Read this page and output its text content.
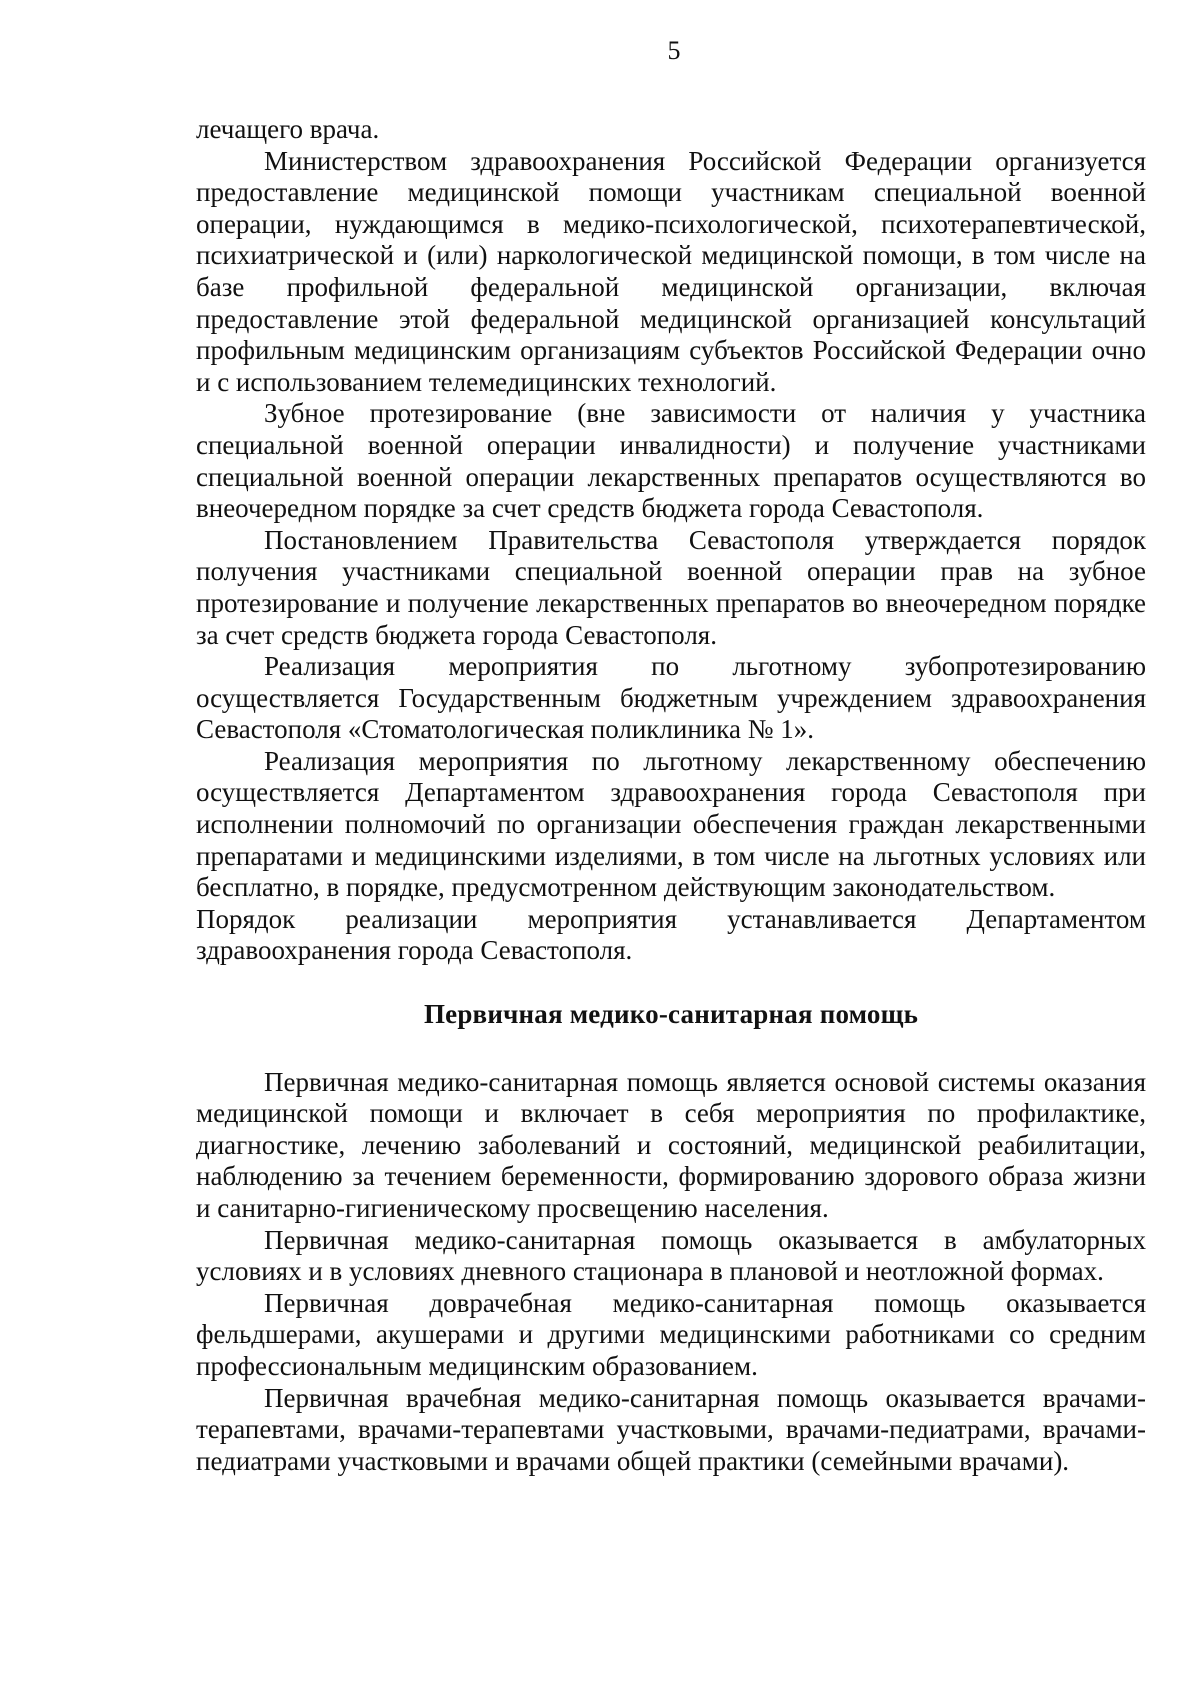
5

лечащего врача.

Министерством здравоохранения Российской Федерации организуется предоставление медицинской помощи участникам специальной военной операции, нуждающимся в медико-психологической, психотерапевтической, психиатрической и (или) наркологической медицинской помощи, в том числе на базе профильной федеральной медицинской организации, включая предоставление этой федеральной медицинской организацией консультаций профильным медицинским организациям субъектов Российской Федерации очно и с использованием телемедицинских технологий.

Зубное протезирование (вне зависимости от наличия у участника специальной военной операции инвалидности) и получение участниками специальной военной операции лекарственных препаратов осуществляются во внеочередном порядке за счет средств бюджета города Севастополя.

Постановлением Правительства Севастополя утверждается порядок получения участниками специальной военной операции прав на зубное протезирование и получение лекарственных препаратов во внеочередном порядке за счет средств бюджета города Севастополя.

Реализация мероприятия по льготному зубопротезированию осуществляется Государственным бюджетным учреждением здравоохранения Севастополя «Стоматологическая поликлиника № 1».

Реализация мероприятия по льготному лекарственному обеспечению осуществляется Департаментом здравоохранения города Севастополя при исполнении полномочий по организации обеспечения граждан лекарственными препаратами и медицинскими изделиями, в том числе на льготных условиях или бесплатно, в порядке, предусмотренном действующим законодательством.

Порядок реализации мероприятия устанавливается Департаментом здравоохранения города Севастополя.

Первичная медико-санитарная помощь

Первичная медико-санитарная помощь является основой системы оказания медицинской помощи и включает в себя мероприятия по профилактике, диагностике, лечению заболеваний и состояний, медицинской реабилитации, наблюдению за течением беременности, формированию здорового образа жизни и санитарно-гигиеническому просвещению населения.

Первичная медико-санитарная помощь оказывается в амбулаторных условиях и в условиях дневного стационара в плановой и неотложной формах.

Первичная доврачебная медико-санитарная помощь оказывается фельдшерами, акушерами и другими медицинскими работниками со средним профессиональным медицинским образованием.

Первичная врачебная медико-санитарная помощь оказывается врачами-терапевтами, врачами-терапевтами участковыми, врачами-педиатрами, врачами-педиатрами участковыми и врачами общей практики (семейными врачами).
